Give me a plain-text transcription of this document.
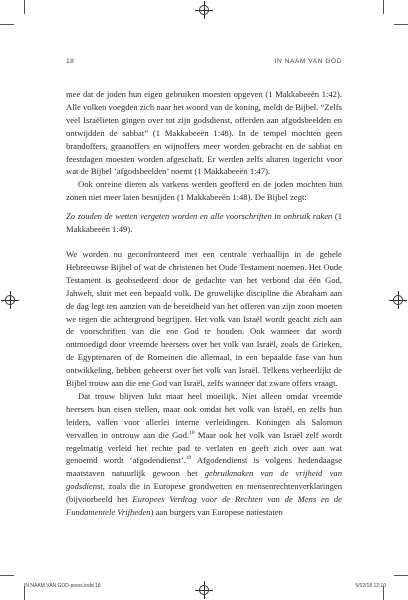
18	IN NAAM VAN GOD

mee dat de joden hun eigen gebruiken moesten opgeven (1 Makkabeeën 1:42). Alle volken voegden zich naar het woord van de koning, meldt de Bijbel. “Zelfs veel Israëlieten gingen over tot zijn godsdienst, offerden aan afgodsbeelden en ontwijdden de sabbat” (1 Makkabeeën 1:48). In de tempel mochten geen brandoffers, graanoffers en wijnoffers meer worden gebracht en de sabbat en feestdagen moesten worden afgeschaft. Er werden zelfs altaren ingericht voor wat de Bijbel ‘afgodsbeelden’ noemt (1 Makkabeeën 1:47).

Ook onreine dieren als varkens werden geofferd en de joden mochten hun zonen niet meer laten besnijden (1 Makkabeeën 1:48). De Bijbel zegt:

Zo zouden de wetten vergeten worden en alle voorschriften in onbruik raken (1 Makkabeeën 1:49).

We worden nu geconfronteerd met een centrale verhaallijn in de gehele Hebreeuwse Bijbel of wat de christenen het Oude Testament noemen. Het Oude Testament is geobsedeerd door de gedachte van het verbond dat één God, Jahweh, sluit met een bepaald volk. De gruwelijke discipline die Abraham aan de dag legt ten aanzien van de bereidheid van het offeren van zijn zoon moeten we tegen die achtergrond begrijpen. Het volk van Israël wordt geacht zich aan de voorschriften van die ene God te houden. Ook wanneer dat wordt ontmoedigd door vreemde heersers over het volk van Israël, zoals de Grieken, de Egyptenaren of de Romeinen die allemaal, in een bepaalde fase van hun ontwikkeling, hebben geheerst over het volk van Israël. Telkens verheerlijkt de Bijbel trouw aan die ene God van Israël, zelfs wanneer dat zware offers vraagt.

Dat trouw blijven lukt maar heel moeilijk. Niet alleen omdat vreemde heersers hun eisen stellen, maar ook omdat het volk van Israël, en zelfs hun leiders, vallen voor allerlei interne verleidingen. Koningen als Salomon vervallen in ontrouw aan die God.$^{18}$ Maar ook het volk van Israël zelf wordt regelmatig verleid het rechte pad te verlaten en geeft zich over aan wat genoemd wordt ‘afgodendienst’.$^{19}$ Afgodendienst is volgens hedendaagse maatstaven natuurlijk gewoon het gebruikmaken van de vrijheid van godsdienst, zoals die in Europese grondwetten en mensenrechtenverklaringen (bijvoorbeeld het Europees Verdrag voor de Rechten van de Mens en de Fundamentele Vrijheden) aan burgers van Europese natiestaten

IN NAAM VAN GOD-press.indd 18	5/02/18 12:10
